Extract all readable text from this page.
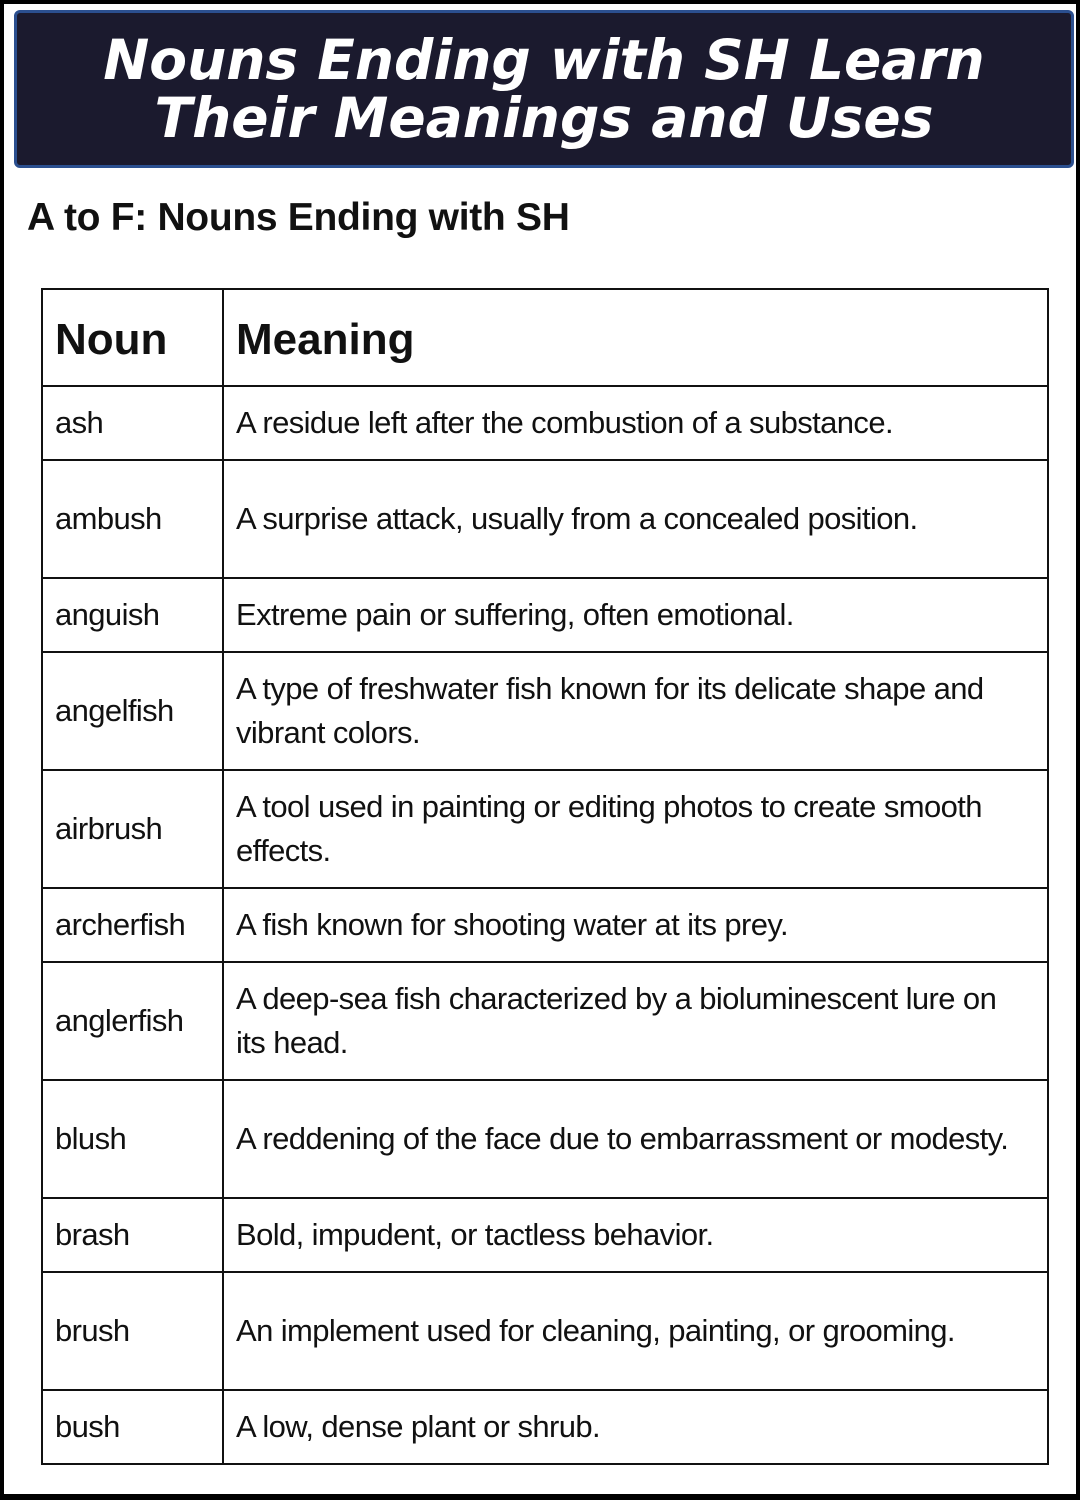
Nouns Ending with SH Learn
Their Meanings and Uses
A to F: Nouns Ending with SH
Noun	Meaning
ash	A residue left after the combustion of a substance.
ambush	A surprise attack, usually from a concealed position.
anguish	Extreme pain or suffering, often emotional.
angelfish	A type of freshwater fish known for its delicate shape and vibrant colors.
airbrush	A tool used in painting or editing photos to create smooth effects.
archerfish	A fish known for shooting water at its prey.
anglerfish	A deep-sea fish characterized by a bioluminescent lure on its head.
blush	A reddening of the face due to embarrassment or modesty.
brash	Bold, impudent, or tactless behavior.
brush	An implement used for cleaning, painting, or grooming.
bush	A low, dense plant or shrub.
